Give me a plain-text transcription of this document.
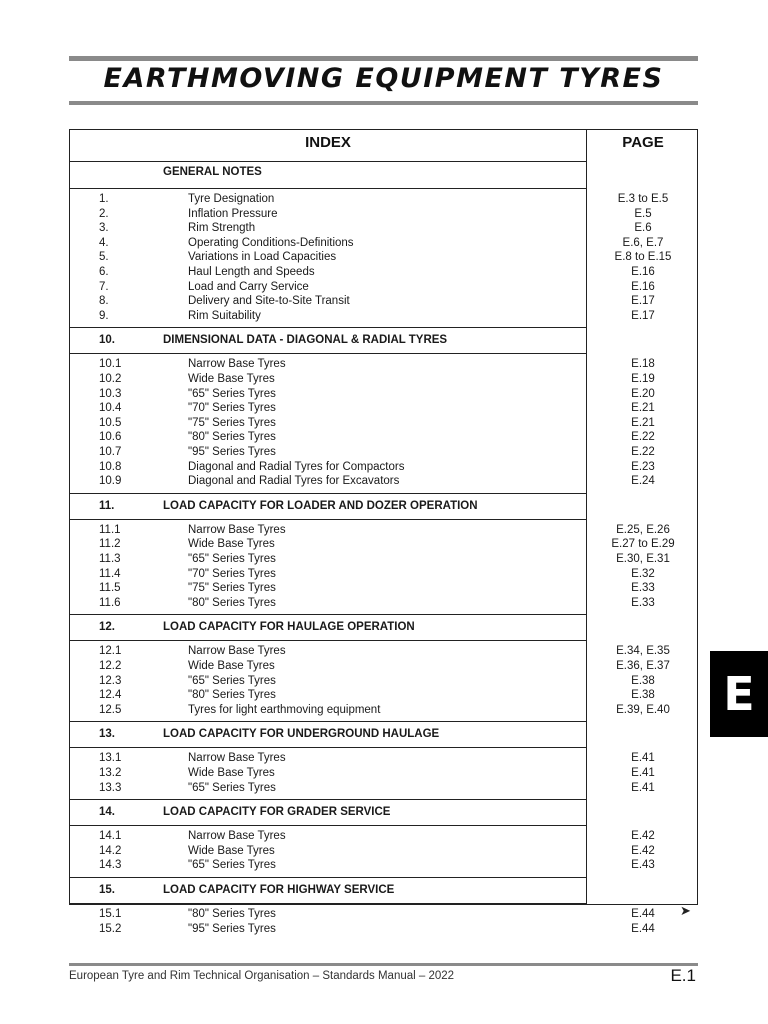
EARTHMOVING EQUIPMENT TYRES
INDEX	PAGE
GENERAL NOTES
1.	Tyre Designation	E.3 to E.5
2.	Inflation Pressure	E.5
3.	Rim Strength	E.6
4.	Operating Conditions-Definitions	E.6, E.7
5.	Variations in Load Capacities	E.8 to E.15
6.	Haul Length and Speeds	E.16
7.	Load and Carry Service	E.16
8.	Delivery and Site-to-Site Transit	E.17
9.	Rim Suitability	E.17
10.	DIMENSIONAL DATA - DIAGONAL & RADIAL TYRES
10.1	Narrow Base Tyres	E.18
10.2	Wide Base Tyres	E.19
10.3	"65" Series Tyres	E.20
10.4	"70" Series Tyres	E.21
10.5	"75" Series Tyres	E.21
10.6	"80" Series Tyres	E.22
10.7	"95" Series Tyres	E.22
10.8	Diagonal and Radial Tyres for Compactors	E.23
10.9	Diagonal and Radial Tyres for Excavators	E.24
11.	LOAD CAPACITY FOR LOADER AND DOZER OPERATION
11.1	Narrow Base Tyres	E.25, E.26
11.2	Wide Base Tyres	E.27 to E.29
11.3	"65" Series Tyres	E.30, E.31
11.4	"70" Series Tyres	E.32
11.5	"75" Series Tyres	E.33
11.6	"80" Series Tyres	E.33
12.	LOAD CAPACITY FOR HAULAGE OPERATION
12.1	Narrow Base Tyres	E.34, E.35
12.2	Wide Base Tyres	E.36, E.37
12.3	"65" Series Tyres	E.38
12.4	"80" Series Tyres	E.38
12.5	Tyres for light earthmoving equipment	E.39, E.40
13.	LOAD CAPACITY FOR UNDERGROUND HAULAGE
13.1	Narrow Base Tyres	E.41
13.2	Wide Base Tyres	E.41
13.3	"65" Series Tyres	E.41
14.	LOAD CAPACITY FOR GRADER SERVICE
14.1	Narrow Base Tyres	E.42
14.2	Wide Base Tyres	E.42
14.3	"65" Series Tyres	E.43
15.	LOAD CAPACITY FOR HIGHWAY SERVICE
15.1	"80" Series Tyres	E.44
15.2	"95" Series Tyres	E.44
E
➤
European Tyre and Rim Technical Organisation – Standards Manual – 2022	E.1
